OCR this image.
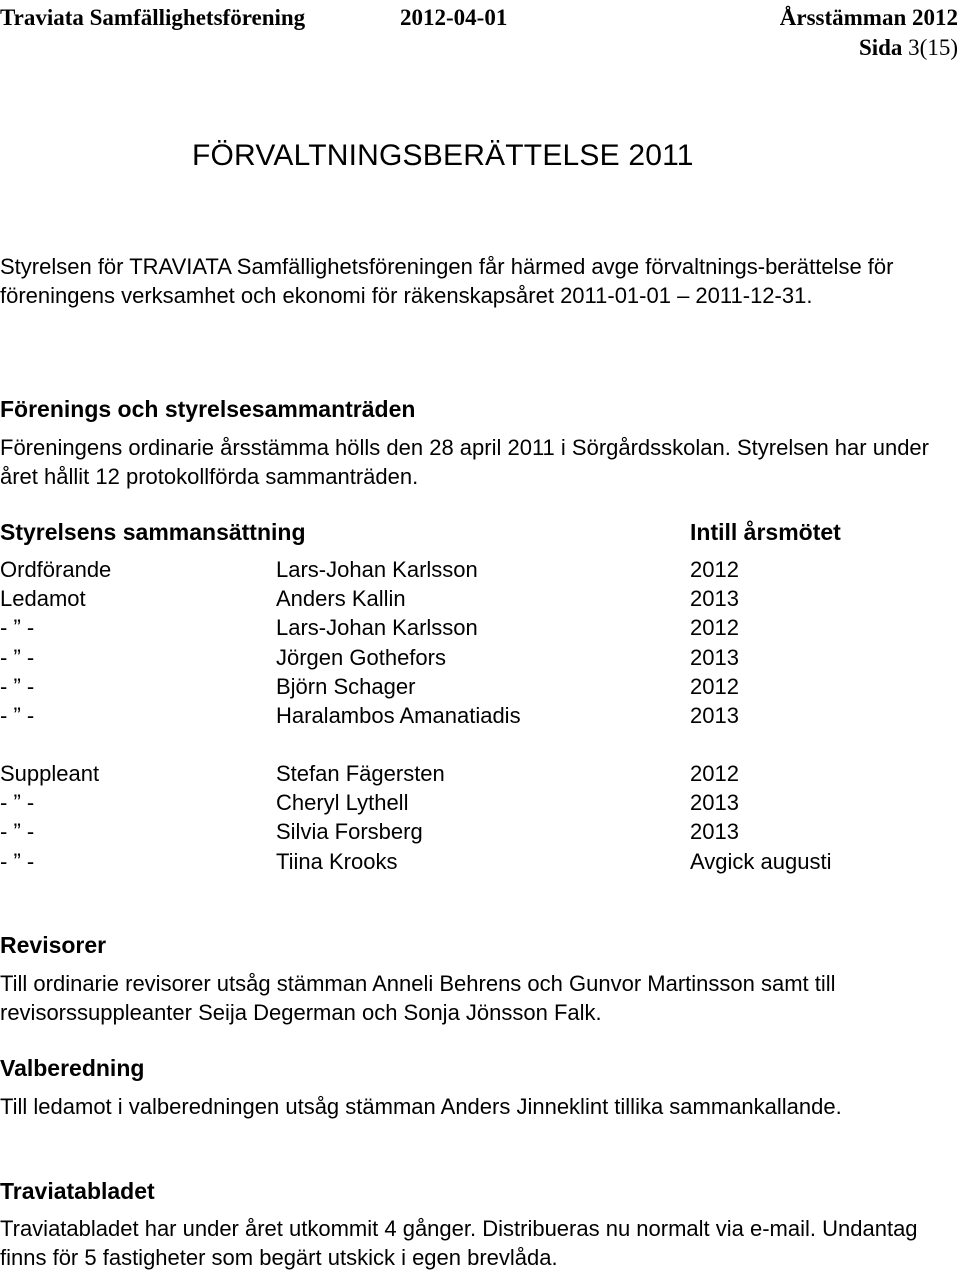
Traviata Samfällighetsförening	2012-04-01	Årsstämman 2012
Sida 3(15)
FÖRVALTNINGSBERÄTTELSE 2011
Styrelsen för TRAVIATA Samfällighetsföreningen får härmed avge förvaltnings-berättelse för föreningens verksamhet och ekonomi för räkenskapsåret 2011-01-01 ‒ 2011-12-31.
Förenings och styrelsesammanträden
Föreningens ordinarie årsstämma hölls den 28 april 2011 i Sörgårdsskolan. Styrelsen har under året hållit 12 protokollförda sammanträden.
Styrelsens sammansättning	Intill årsmötet
Ordförande	Lars-Johan Karlsson	2012
Ledamot	Anders Kallin	2013
- ” -	Lars-Johan Karlsson	2012
- ” -	Jörgen Gothefors	2013
- ” -	Björn Schager	2012
- ” -	Haralambos Amanatiadis	2013
Suppleant	Stefan Fägersten	2012
- ” -	Cheryl Lythell	2013
- ” -	Silvia Forsberg	2013
- ” -	Tiina Krooks	Avgick augusti
Revisorer
Till ordinarie revisorer utsåg stämman Anneli Behrens och Gunvor Martinsson samt till revisorssuppleanter Seija Degerman och Sonja Jönsson Falk.
Valberedning
Till ledamot i valberedningen utsåg stämman Anders Jinneklint tillika sammankallande.
Traviatabladet
Traviatabladet har under året utkommit 4 gånger. Distribueras nu normalt via e-mail. Undantag finns för 5 fastigheter som begärt utskick i egen brevlåda.
